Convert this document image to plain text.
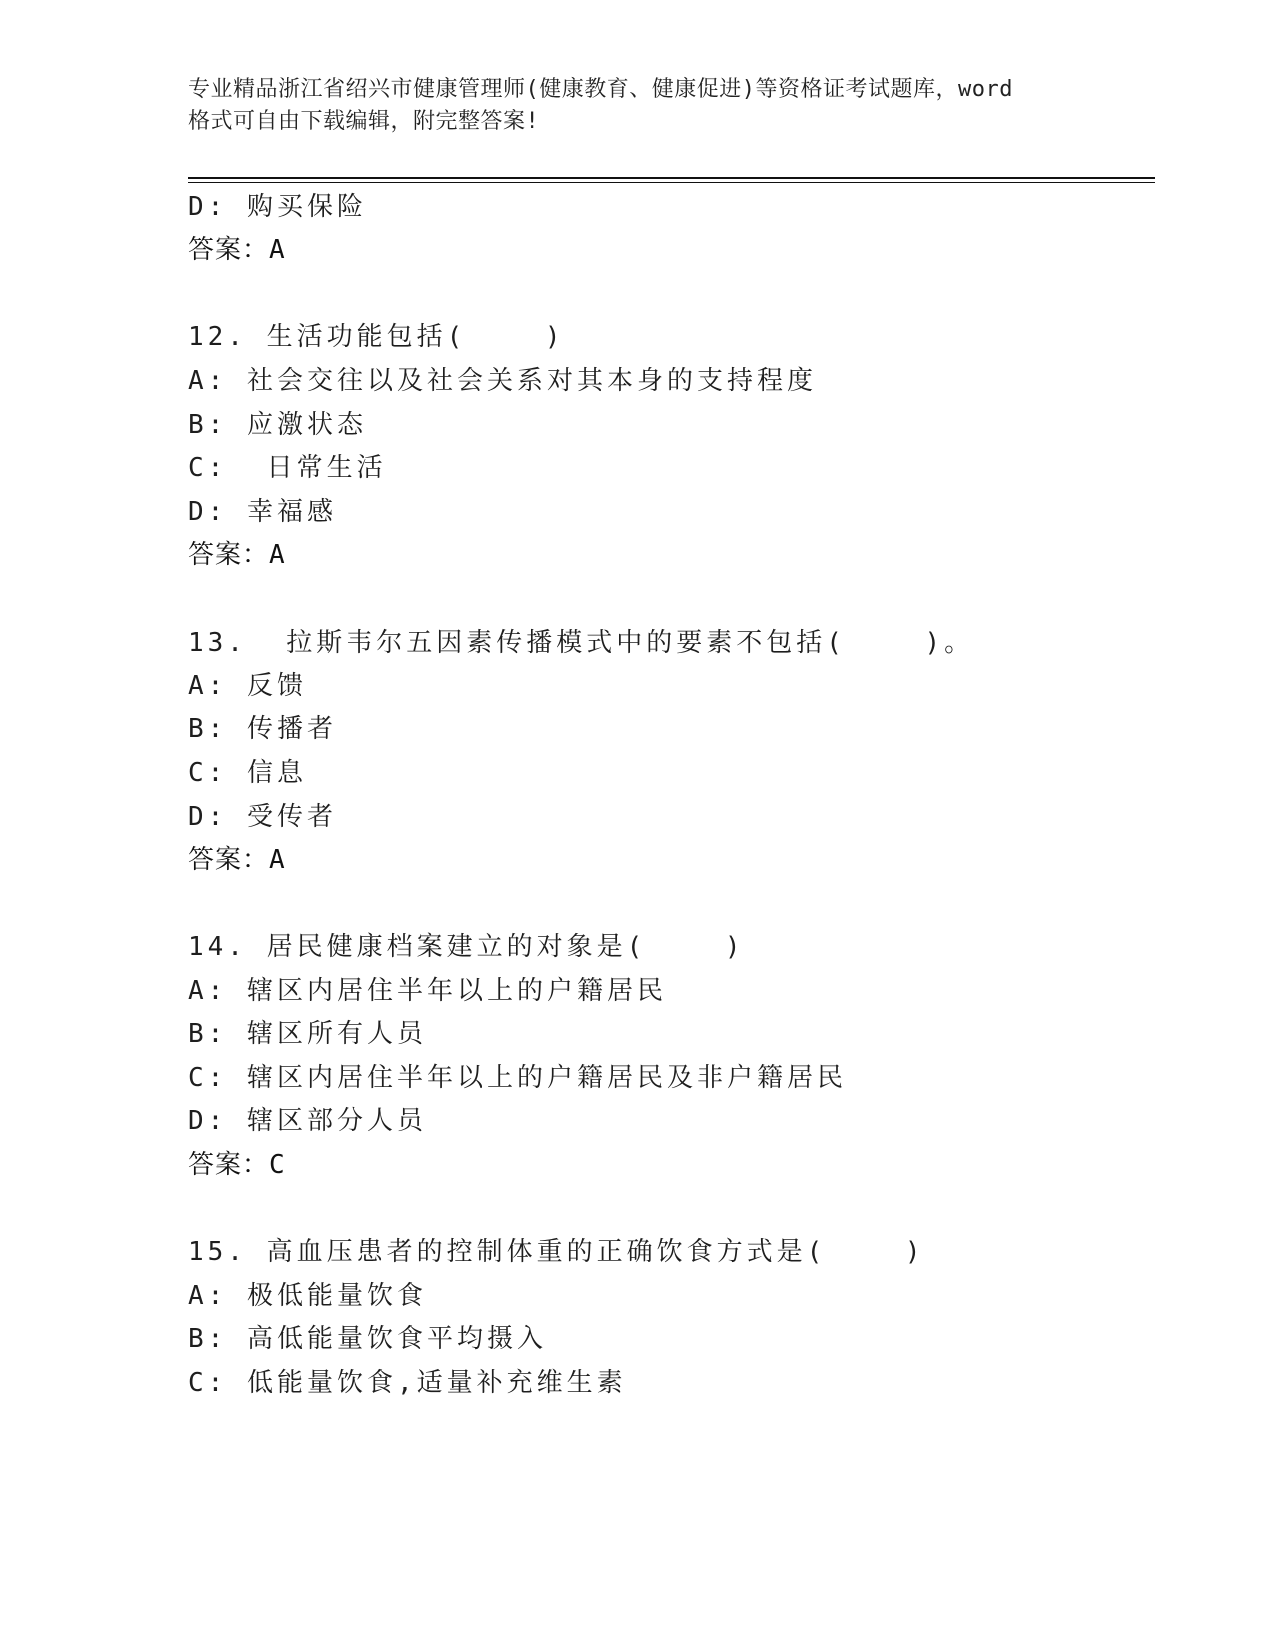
专业精品浙江省绍兴市健康管理师(健康教育、健康促进)等资格证考试题库，word
格式可自由下载编辑，附完整答案!
D: 购买保险
答案：A
12. 生活功能包括(    )
A: 社会交往以及社会关系对其本身的支持程度
B: 应激状态
C:  日常生活
D: 幸福感
答案：A
13.  拉斯韦尔五因素传播模式中的要素不包括(    )。
A: 反馈
B: 传播者
C: 信息
D: 受传者
答案：A
14. 居民健康档案建立的对象是(    )
A: 辖区内居住半年以上的户籍居民
B: 辖区所有人员
C: 辖区内居住半年以上的户籍居民及非户籍居民
D: 辖区部分人员
答案：C
15. 高血压患者的控制体重的正确饮食方式是(    )
A: 极低能量饮食
B: 高低能量饮食平均摄入
C: 低能量饮食,适量补充维生素
